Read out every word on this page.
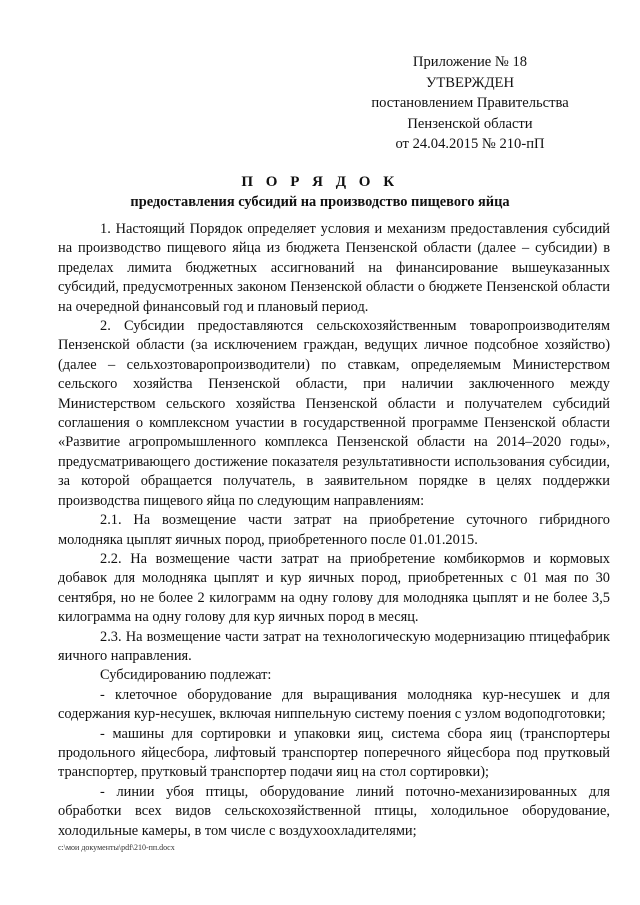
Приложение № 18
УТВЕРЖДЕН
постановлением Правительства
Пензенской области
от 24.04.2015 № 210-пП
П О Р Я Д О К
предоставления субсидий на производство пищевого яйца

1. Настоящий Порядок определяет условия и механизм предоставления субсидий на производство пищевого яйца из бюджета Пензенской области (далее – субсидии) в пределах лимита бюджетных ассигнований на финансирование вышеуказанных субсидий, предусмотренных законом Пензенской области о бюджете Пензенской области на очередной финансовый год и плановый период.

2. Субсидии предоставляются сельскохозяйственным товаропроизводителям Пензенской области (за исключением граждан, ведущих личное подсобное хозяйство) (далее – сельхозтоваропроизводители) по ставкам, определяемым Министерством сельского хозяйства Пензенской области, при наличии заключенного между Министерством сельского хозяйства Пензенской области и получателем субсидий соглашения о комплексном участии в государственной программе Пензенской области «Развитие агропромышленного комплекса Пензенской области на 2014–2020 годы», предусматривающего достижение показателя результативности использования субсидии, за которой обращается получатель, в заявительном порядке в целях поддержки производства пищевого яйца по следующим направлениям:

2.1. На возмещение части затрат на приобретение суточного гибридного молодняка цыплят яичных пород, приобретенного после 01.01.2015.

2.2. На возмещение части затрат на приобретение комбикормов и кормовых добавок для молодняка цыплят и кур яичных пород, приобретенных с 01 мая по 30 сентября, но не более 2 килограмм на одну голову для молодняка цыплят и не более 3,5 килограмма на одну голову для кур яичных пород в месяц.

2.3. На возмещение части затрат на технологическую модернизацию птицефабрик яичного направления.

Субсидированию подлежат:

- клеточное оборудование для выращивания молодняка кур-несушек и для содержания кур-несушек, включая ниппельную систему поения с узлом водоподготовки;

- машины для сортировки и упаковки яиц, система сбора яиц (транспортеры продольного яйцесбора, лифтовый транспортер поперечного яйцесбора под прутковый транспортер, прутковый транспортер подачи яиц на стол сортировки);

- линии убоя птицы, оборудование линий поточно-механизированных для обработки всех видов сельскохозяйственной птицы, холодильное оборудование, холодильные камеры, в том числе с воздухоохладителями;

c:\мои документы\pdf\210-пп.docx
